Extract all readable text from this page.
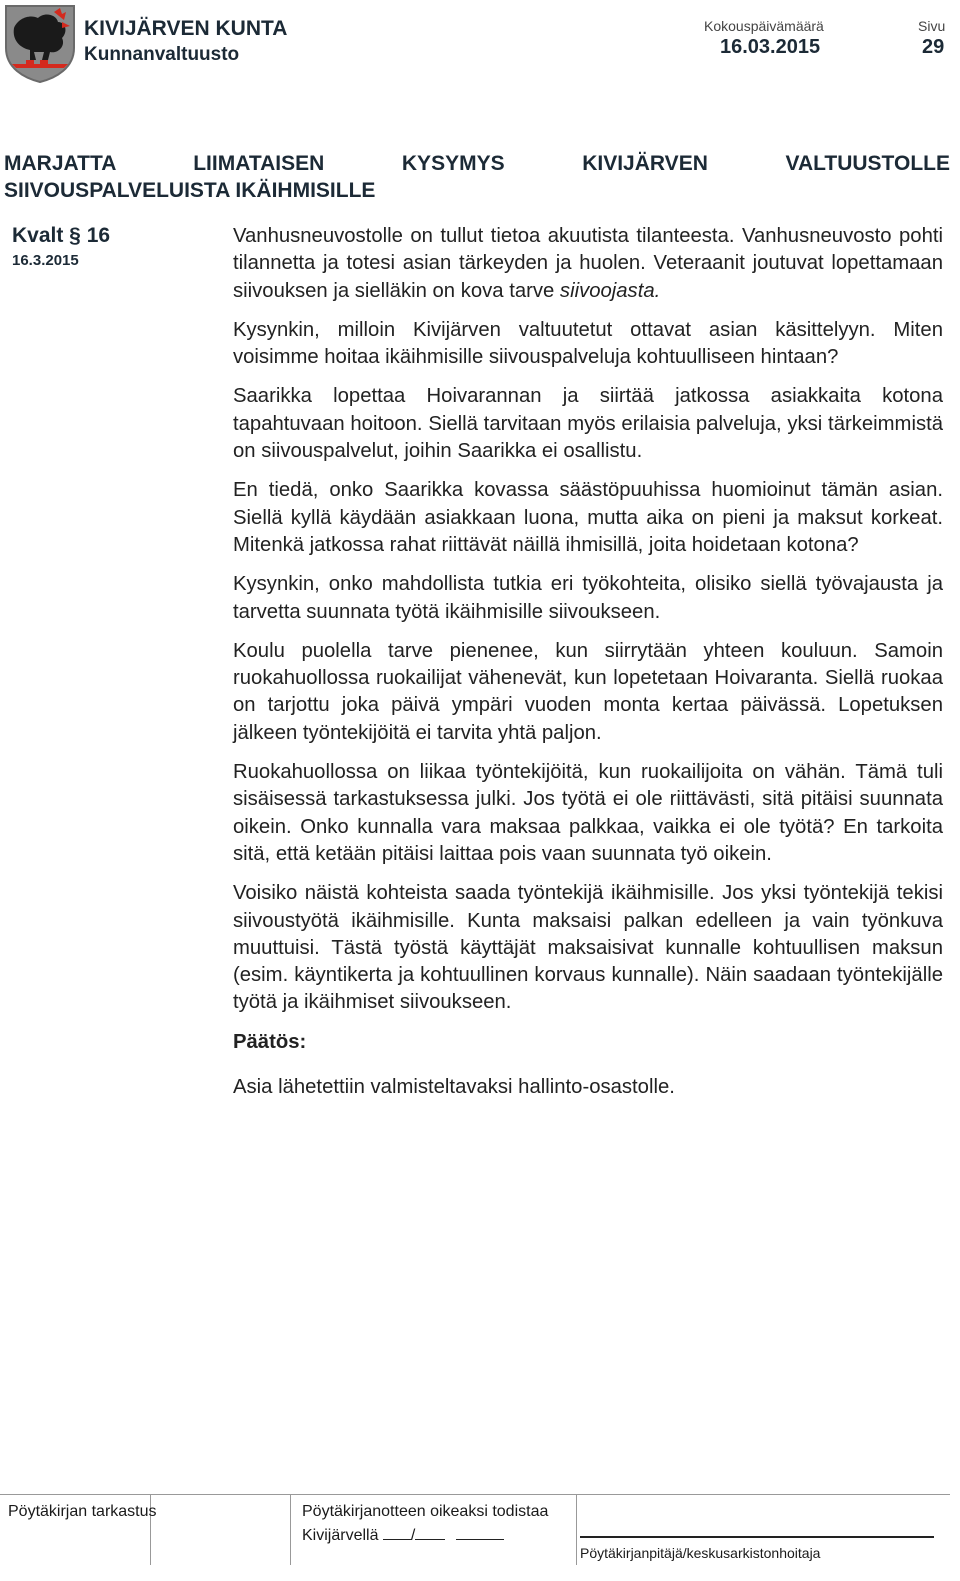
KIVIJÄRVEN KUNTA
Kunnanvaltuusto
Kokouspäivämäärä
16.03.2015
Sivu
29
MARJATTA LIIMATAISEN KYSYMYS KIVIJÄRVEN VALTUUSTOLLE
SIIVOUSPALVELUISTA IKÄIHMISILLE
Kvalt § 16
16.3.2015

Vanhusneuvostolle on tullut tietoa akuutista tilanteesta. Vanhusneuvosto pohti tilannetta ja totesi asian tärkeyden ja huolen. Veteraanit joutuvat lopettamaan siivouksen ja sielläkin on kova tarve siivoojasta.

Kysynkin, milloin Kivijärven valtuutetut ottavat asian käsittelyyn. Miten voisimme hoitaa ikäihmisille siivouspalveluja kohtuulliseen hintaan?

Saarikka lopettaa Hoivarannan ja siirtää jatkossa asiakkaita kotona tapahtuvaan hoitoon. Siellä tarvitaan myös erilaisia palveluja, yksi tärkeimmistä on siivouspalvelut, joihin Saarikka ei osallistu.

En tiedä, onko Saarikka kovassa säästöpuuhissa huomioinut tämän asian. Siellä kyllä käydään asiakkaan luona, mutta aika on pieni ja maksut korkeat. Mitenkä jatkossa rahat riittävät näillä ihmisillä, joita hoidetaan kotona?

Kysynkin, onko mahdollista tutkia eri työkohteita, olisiko siellä työvajausta ja tarvetta suunnata työtä ikäihmisille siivoukseen.

Koulu puolella tarve pienenee, kun siirrytään yhteen kouluun. Samoin ruokahuollossa ruokailijat vähenevät, kun lopetetaan Hoivaranta. Siellä ruokaa on tarjottu joka päivä ympäri vuoden monta kertaa päivässä. Lopetuksen jälkeen työntekijöitä ei tarvita yhtä paljon.

Ruokahuollossa on liikaa työntekijöitä, kun ruokailijoita on vähän. Tämä tuli sisäisessä tarkastuksessa julki. Jos työtä ei ole riittävästi, sitä pitäisi suunnata oikein. Onko kunnalla vara maksaa palkkaa, vaikka ei ole työtä? En tarkoita sitä, että ketään pitäisi laittaa pois vaan suunnata työ oikein.

Voisiko näistä kohteista saada työntekijä ikäihmisille. Jos yksi työntekijä tekisi siivoustyötä ikäihmisille. Kunta maksaisi palkan edelleen ja vain työnkuva muuttuisi. Tästä työstä käyttäjät maksaisivat kunnalle kohtuullisen maksun (esim. käyntikerta ja kohtuullinen korvaus kunnalle). Näin saadaan työntekijälle työtä ja ikäihmiset siivoukseen.

Päätös:

Asia lähetettiin valmisteltavaksi hallinto-osastolle.

Pöytäkirjan tarkastus	Pöytäkirjanotteen oikeaksi todistaa
Kivijärvellä /
Pöytäkirjanpitäjä/keskusarkistonhoitaja
